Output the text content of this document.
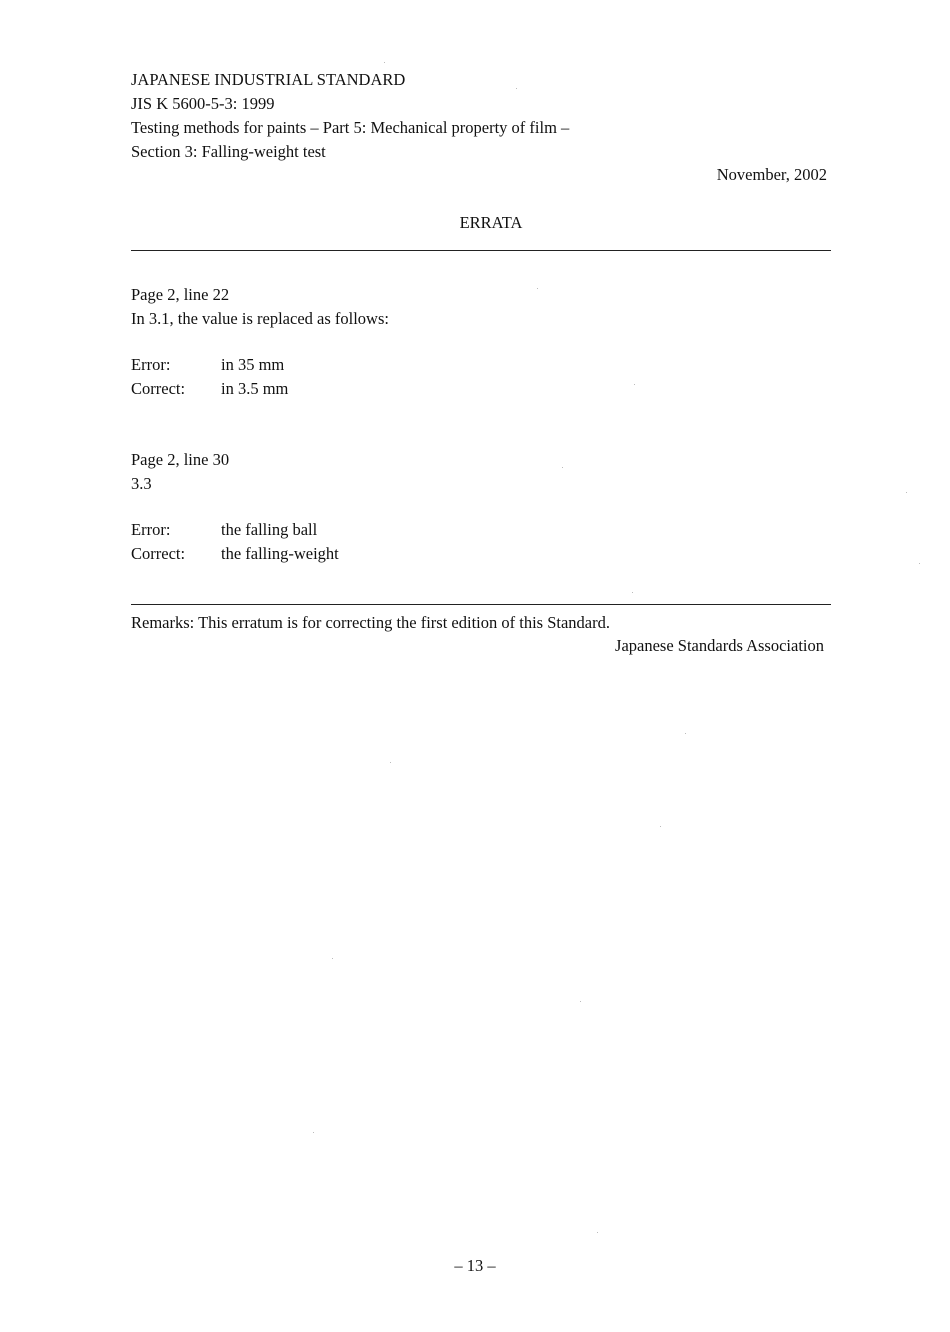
JAPANESE INDUSTRIAL STANDARD
JIS K 5600-5-3: 1999
Testing methods for paints – Part 5: Mechanical property of film –
Section 3: Falling-weight test
November, 2002
ERRATA
Page 2, line 22
In 3.1, the value is replaced as follows:
Error:	in 35 mm
Correct: in 3.5 mm
Page 2, line 30
3.3
Error:	the falling ball
Correct: the falling-weight
Remarks: This erratum is for correcting the first edition of this Standard.
Japanese Standards Association
– 13 –
